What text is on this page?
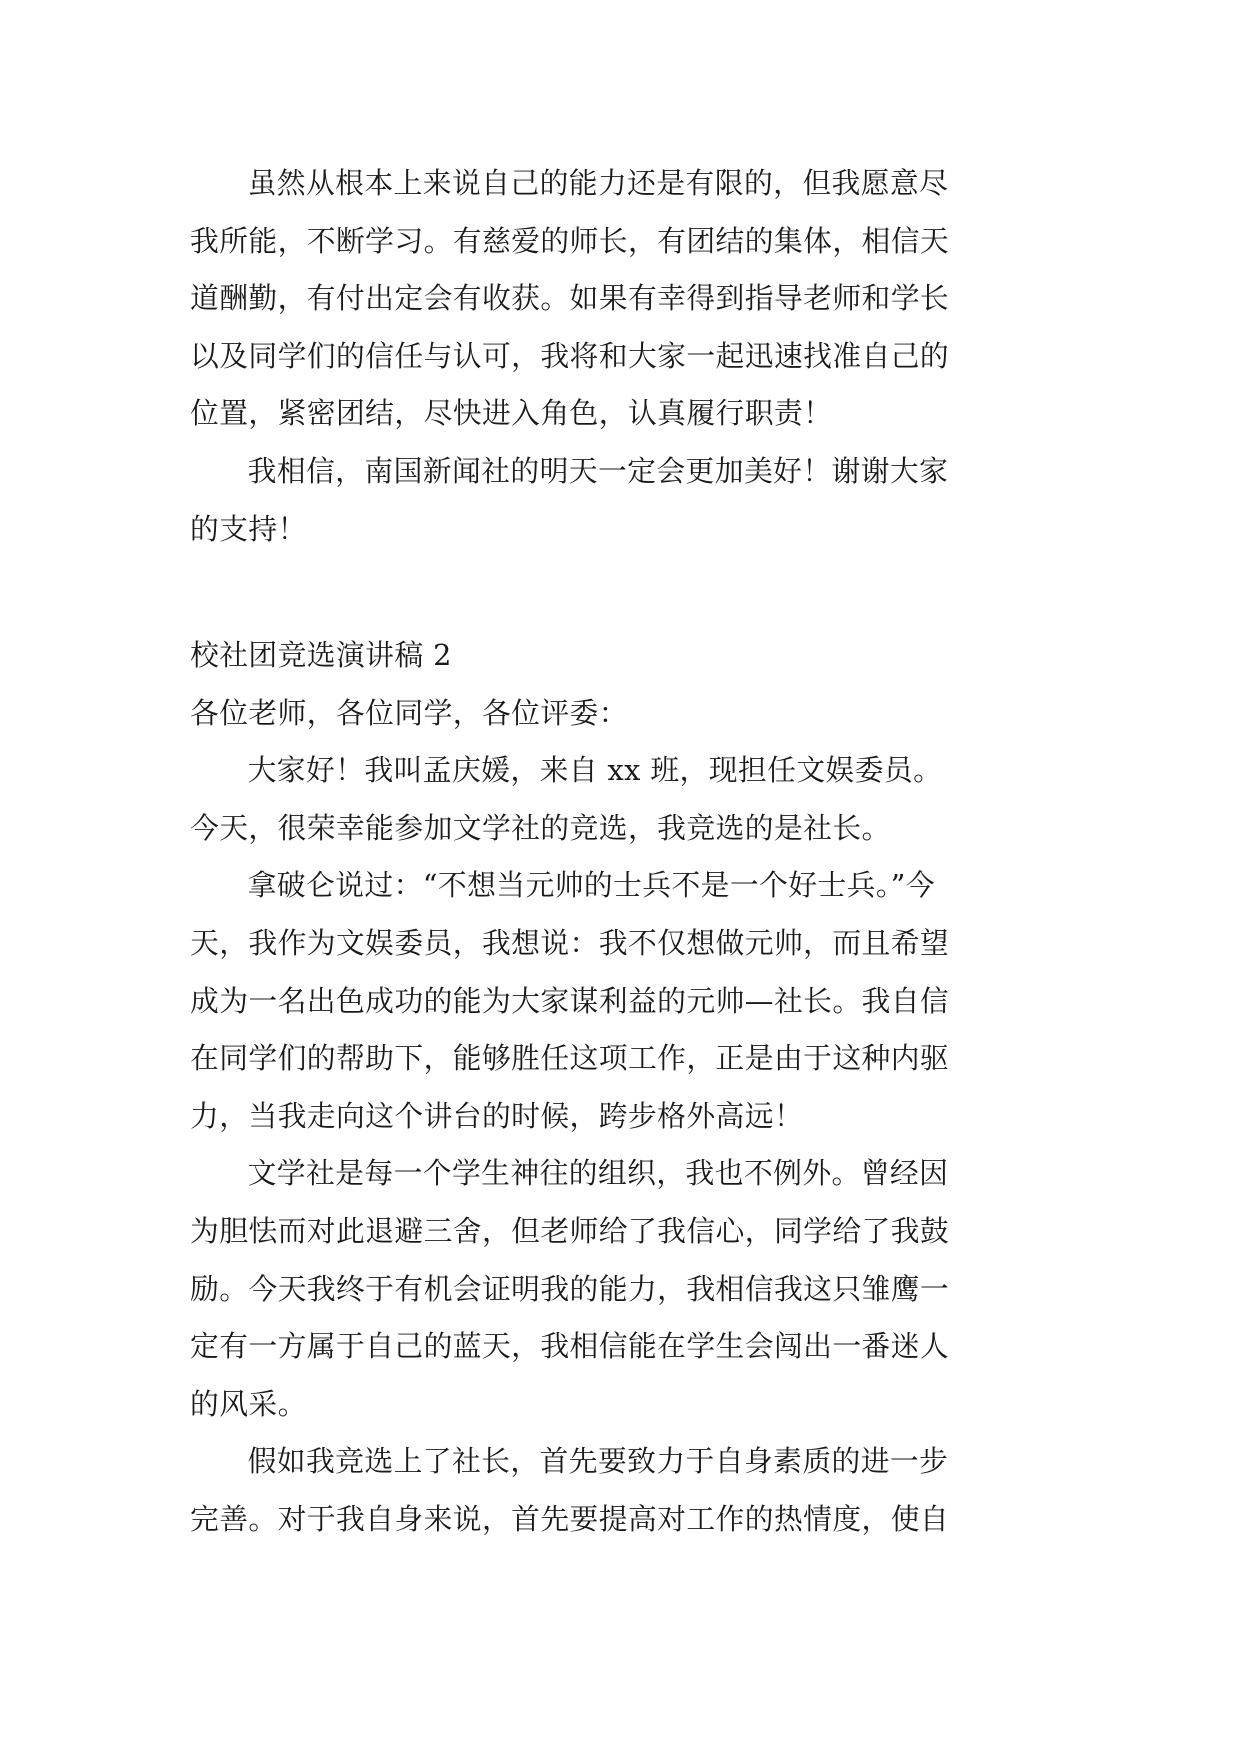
虽然从根本上来说自己的能力还是有限的，但我愿意尽
我所能，不断学习。有慈爱的师长，有团结的集体，相信天
道酬勤，有付出定会有收获。如果有幸得到指导老师和学长
以及同学们的信任与认可，我将和大家一起迅速找准自己的
位置，紧密团结，尽快进入角色，认真履行职责！

我相信，南国新闻社的明天一定会更加美好！谢谢大家
的支持！

校社团竞选演讲稿 2

各位老师，各位同学，各位评委：

大家好！我叫孟庆媛，来自 xx 班，现担任文娱委员。
今天，很荣幸能参加文学社的竞选，我竞选的是社长。

拿破仑说过：“不想当元帅的士兵不是一个好士兵。”今
天，我作为文娱委员，我想说：我不仅想做元帅，而且希望
成为一名出色成功的能为大家谋利益的元帅—社长。我自信
在同学们的帮助下，能够胜任这项工作，正是由于这种内驱
力，当我走向这个讲台的时候，跨步格外高远！

文学社是每一个学生神往的组织，我也不例外。曾经因
为胆怯而对此退避三舍，但老师给了我信心，同学给了我鼓
励。今天我终于有机会证明我的能力，我相信我这只雏鹰一
定有一方属于自己的蓝天，我相信能在学生会闯出一番迷人
的风采。

假如我竞选上了社长，首先要致力于自身素质的进一步
完善。对于我自身来说，首先要提高对工作的热情度，使自
